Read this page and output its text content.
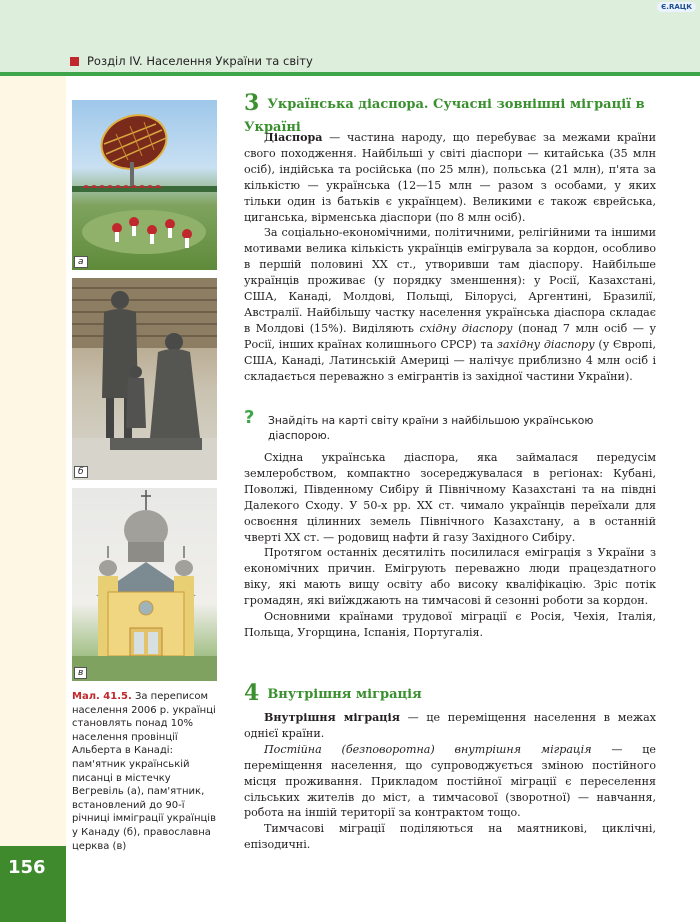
Є.RAЦК
Розділ IV. Населення України та світу
156
а
б
в
Мал. 41.5. За переписом населення 2006 р. українці становлять понад 10% населення провінції Альберта в Канаді: пам'ятник українській писанці в містечку Вегревіль (а), пам'ятник, встановлений до 90-ї річниці імміграції українців у Канаду (б), православна церква (в)
3 Українська діаспора. Сучасні зовнішні міграції в Україні

Діаспора — частина народу, що перебуває за межами країни свого походження. Найбільші у світі діаспори — китайська (35 млн осіб), індійська та російська (по 25 млн), польська (21 млн), п'ята за кількістю — українська (12—15 млн — разом з особами, у яких тільки один із батьків є українцем). Великими є також єврейська, циганська, вірменська діаспори (по 8 млн осіб).

За соціально-економічними, політичними, релігійними та іншими мотивами велика кількість українців емігрувала за кордон, особливо в першій половині XX ст., утворивши там діаспору. Найбільше українців проживає (у порядку зменшення): у Росії, Казахстані, США, Канаді, Молдові, Польщі, Білорусі, Аргентині, Бразилії, Австралії. Найбільшу частку населення українська діаспора складає в Молдові (15%). Виділяють східну діаспору (понад 7 млн осіб — у Росії, інших країнах колишнього СРСР) та західну діаспору (у Європі, США, Канаді, Латинській Америці — налічує приблизно 4 млн осіб і складається переважно з емігрантів із західної частини України).

? Знайдіть на карті світу країни з найбільшою українською діаспорою.

Східна українська діаспора, яка займалася передусім землеробством, компактно зосереджувалася в регіонах: Кубані, Поволжі, Південному Сибіру й Північному Казахстані та на півдні Далекого Сходу. У 50-х рр. XX ст. чимало українців переїхали для освоєння цілинних земель Північного Казахстану, а в останній чверті XX ст. — родовищ нафти й газу Західного Сибіру.

Протягом останніх десятиліть посилилася еміграція з України з економічних причин. Емігрують переважно люди працездатного віку, які мають вищу освіту або високу кваліфікацію. Зріс потік громадян, які виїжджають на тимчасові й сезонні роботи за кордон.

Основними країнами трудової міграції є Росія, Чехія, Італія, Польща, Угорщина, Іспанія, Португалія.

4 Внутрішня міграція

Внутрішня міграція — це переміщення населення в межах однієї країни.

Постійна (безповоротна) внутрішня міграція — це переміщення населення, що супроводжується зміною постійного місця проживання. Прикладом постійної міграції є переселення сільських жителів до міст, а тимчасової (зворотної) — навчання, робота на іншій території за контрактом тощо.

Тимчасові міграції поділяються на маятникові, циклічні, епізодичні.
